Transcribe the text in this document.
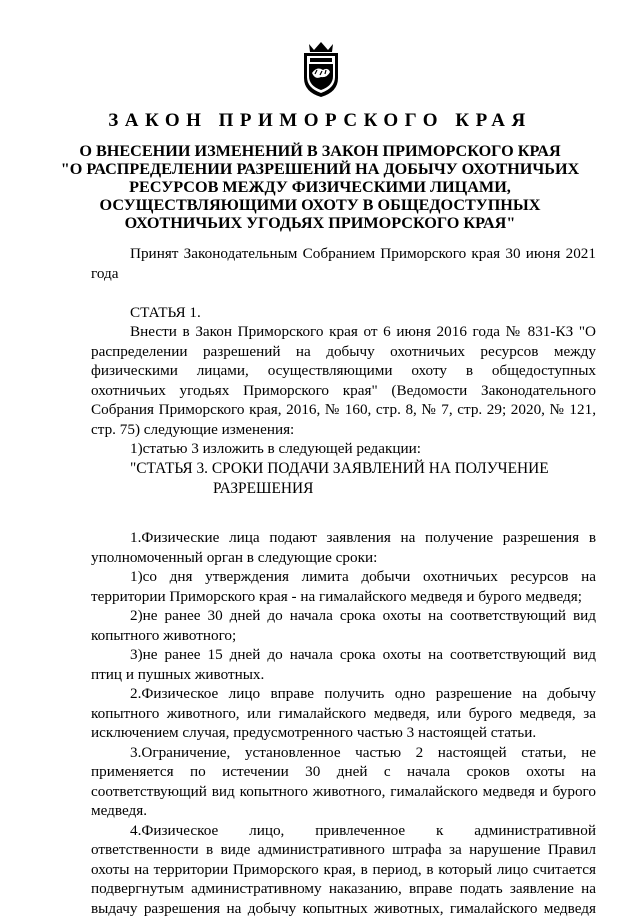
ЗАКОН ПРИМОРСКОГО КРАЯ
О ВНЕСЕНИИ ИЗМЕНЕНИЙ В ЗАКОН ПРИМОРСКОГО КРАЯ
"О РАСПРЕДЕЛЕНИИ РАЗРЕШЕНИЙ НА ДОБЫЧУ ОХОТНИЧЬИХ
РЕСУРСОВ МЕЖДУ ФИЗИЧЕСКИМИ ЛИЦАМИ,
ОСУЩЕСТВЛЯЮЩИМИ ОХОТУ В ОБЩЕДОСТУПНЫХ
ОХОТНИЧЬИХ УГОДЬЯХ ПРИМОРСКОГО КРАЯ"

Принят Законодательным Собранием Приморского края 30 июня 2021 года

СТАТЬЯ 1.

Внести в Закон Приморского края от 6 июня 2016 года № 831-КЗ "О распределении разрешений на добычу охотничьих ресурсов между физическими лицами, осуществляющими охоту в общедоступных охотничьих угодьях Приморского края" (Ведомости Законодательного Собрания Приморского края, 2016, № 160, стр. 8, № 7, стр. 29; 2020, № 121, стр. 75) следующие изменения:

1)статью 3 изложить в следующей редакции:

"СТАТЬЯ 3. СРОКИ ПОДАЧИ ЗАЯВЛЕНИЙ НА ПОЛУЧЕНИЕ
РАЗРЕШЕНИЯ

1.Физические лица подают заявления на получение разрешения в уполномоченный орган в следующие сроки:

1)со дня утверждения лимита добычи охотничьих ресурсов на территории Приморского края - на гималайского медведя и бурого медведя;

2)не ранее 30 дней до начала срока охоты на соответствующий вид копытного животного;

3)не ранее 15 дней до начала срока охоты на соответствующий вид птиц и пушных животных.

2.Физическое лицо вправе получить одно разрешение на добычу копытного животного, или гималайского медведя, или бурого медведя, за исключением случая, предусмотренного частью 3 настоящей статьи.

3.Ограничение, установленное частью 2 настоящей статьи, не применяется по истечении 30 дней с начала сроков охоты на соответствующий вид копытного животного, гималайского медведя и бурого медведя.

4.Физическое лицо, привлеченное к административной ответственности в виде административного штрафа за нарушение Правил охоты на территории Приморского края, в период, в который лицо считается подвергнутым административному наказанию, вправе подать заявление на выдачу разрешения на добычу копытных животных, гималайского медведя
